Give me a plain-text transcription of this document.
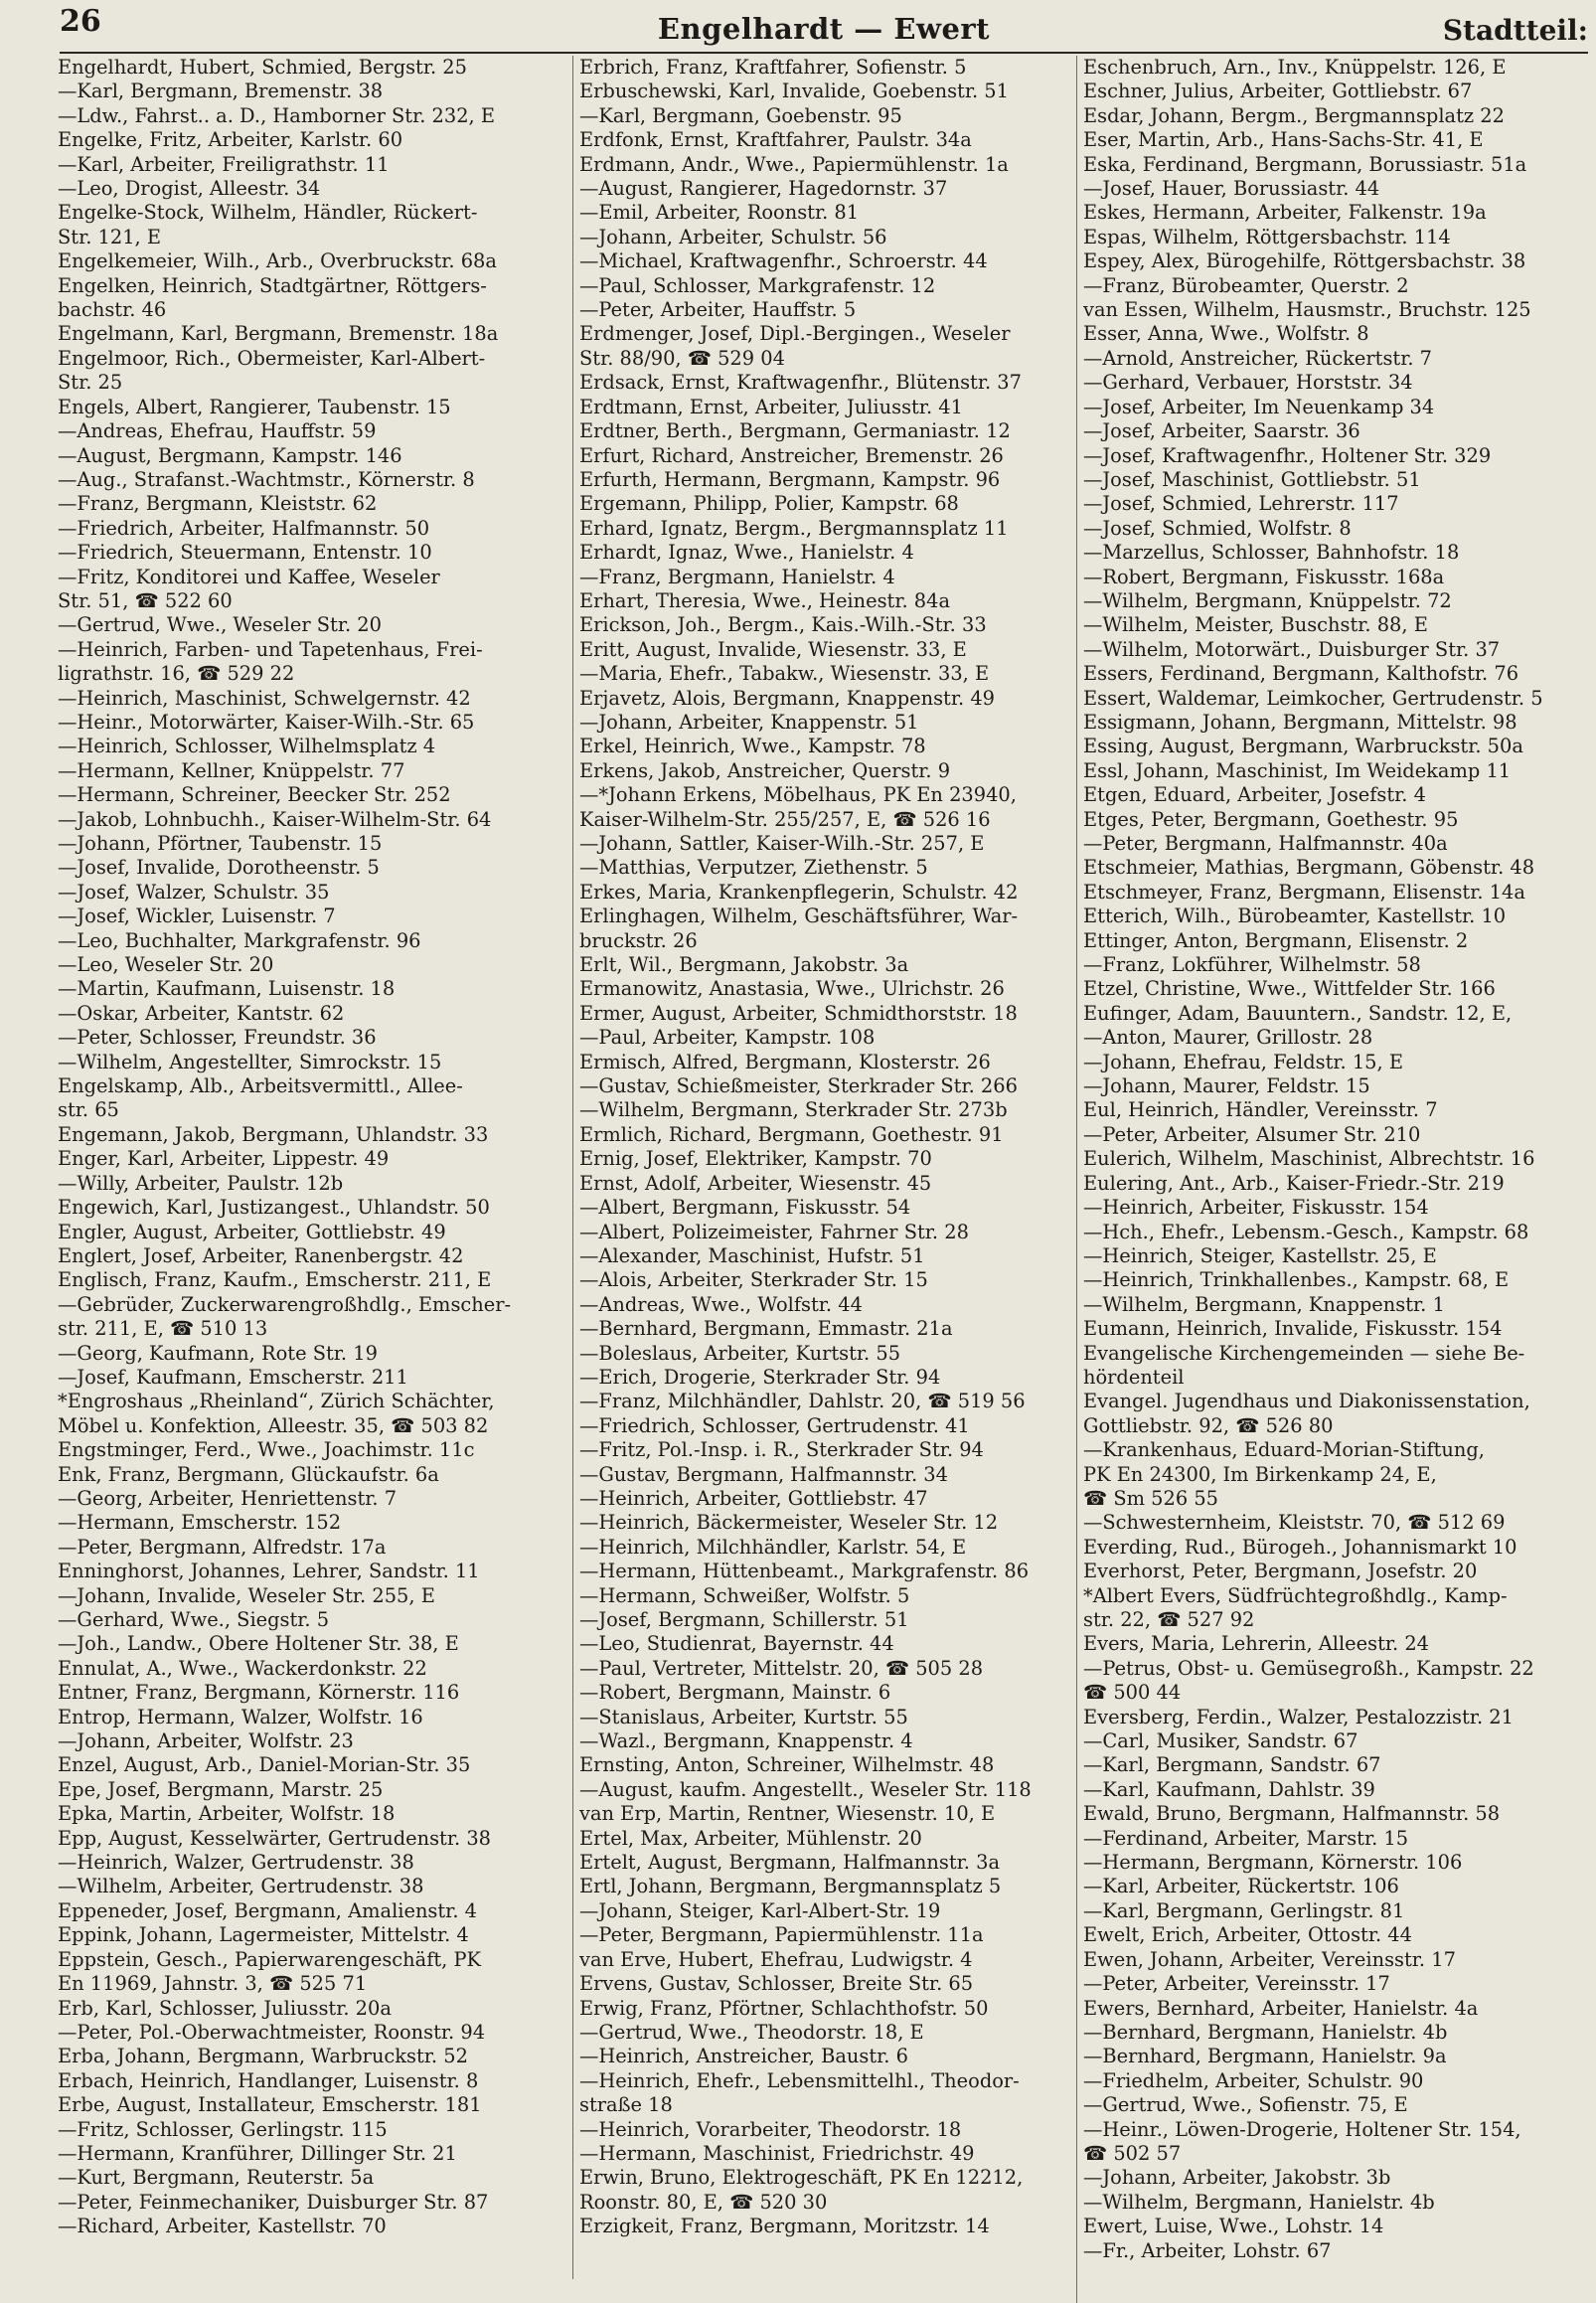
26	Engelhardt — Ewert	Stadtteil:
Engelhardt, Hubert, Schmied, Bergstr. 25
—Karl, Bergmann, Bremenstr. 38
—Ldw., Fahrst.. a. D., Hamborner Str. 232, E
Engelke, Fritz, Arbeiter, Karlstr. 60
—Karl, Arbeiter, Freiligrathstr. 11
—Leo, Drogist, Alleestr. 34
Engelke-Stock, Wilhelm, Händler, Rückert-
Str. 121, E
Engelkemeier, Wilh., Arb., Overbruckstr. 68a
Engelken, Heinrich, Stadtgärtner, Röttgers-
bachstr. 46
Engelmann, Karl, Bergmann, Bremenstr. 18a
Engelmoor, Rich., Obermeister, Karl-Albert-
Str. 25
Engels, Albert, Rangierer, Taubenstr. 15
—Andreas, Ehefrau, Hauffstr. 59
—August, Bergmann, Kampstr. 146
—Aug., Strafanst.-Wachtmstr., Körnerstr. 8
—Franz, Bergmann, Kleiststr. 62
—Friedrich, Arbeiter, Halfmannstr. 50
—Friedrich, Steuermann, Entenstr. 10
—Fritz, Konditorei und Kaffee, Weseler
Str. 51, ☎ 522 60
—Gertrud, Wwe., Weseler Str. 20
—Heinrich, Farben- und Tapetenhaus, Frei-
ligrathstr. 16, ☎ 529 22
—Heinrich, Maschinist, Schwelgernstr. 42
—Heinr., Motorwärter, Kaiser-Wilh.-Str. 65
—Heinrich, Schlosser, Wilhelmsplatz 4
—Hermann, Kellner, Knüppelstr. 77
—Hermann, Schreiner, Beecker Str. 252
—Jakob, Lohnbuchh., Kaiser-Wilhelm-Str. 64
—Johann, Pförtner, Taubenstr. 15
—Josef, Invalide, Dorotheenstr. 5
—Josef, Walzer, Schulstr. 35
—Josef, Wickler, Luisenstr. 7
—Leo, Buchhalter, Markgrafenstr. 96
—Leo, Weseler Str. 20
—Martin, Kaufmann, Luisenstr. 18
—Oskar, Arbeiter, Kantstr. 62
—Peter, Schlosser, Freundstr. 36
—Wilhelm, Angestellter, Simrockstr. 15
Engelskamp, Alb., Arbeitsvermittl., Allee-
str. 65
Engemann, Jakob, Bergmann, Uhlandstr. 33
Enger, Karl, Arbeiter, Lippestr. 49
—Willy, Arbeiter, Paulstr. 12b
Engewich, Karl, Justizangest., Uhlandstr. 50
Engler, August, Arbeiter, Gottliebstr. 49
Englert, Josef, Arbeiter, Ranenbergstr. 42
Englisch, Franz, Kaufm., Emscherstr. 211, E
—Gebrüder, Zuckerwarengroßhdlg., Emscher-
str. 211, E, ☎ 510 13
—Georg, Kaufmann, Rote Str. 19
—Josef, Kaufmann, Emscherstr. 211
*Engroshaus „Rheinland“, Zürich Schächter,
Möbel u. Konfektion, Alleestr. 35, ☎ 503 82
Engstminger, Ferd., Wwe., Joachimstr. 11c
Enk, Franz, Bergmann, Glückaufstr. 6a
—Georg, Arbeiter, Henriettenstr. 7
—Hermann, Emscherstr. 152
—Peter, Bergmann, Alfredstr. 17a
Enninghorst, Johannes, Lehrer, Sandstr. 11
—Johann, Invalide, Weseler Str. 255, E
—Gerhard, Wwe., Siegstr. 5
—Joh., Landw., Obere Holtener Str. 38, E
Ennulat, A., Wwe., Wackerdonkstr. 22
Entner, Franz, Bergmann, Körnerstr. 116
Entrop, Hermann, Walzer, Wolfstr. 16
—Johann, Arbeiter, Wolfstr. 23
Enzel, August, Arb., Daniel-Morian-Str. 35
Epe, Josef, Bergmann, Marstr. 25
Epka, Martin, Arbeiter, Wolfstr. 18
Epp, August, Kesselwärter, Gertrudenstr. 38
—Heinrich, Walzer, Gertrudenstr. 38
—Wilhelm, Arbeiter, Gertrudenstr. 38
Eppeneder, Josef, Bergmann, Amalienstr. 4
Eppink, Johann, Lagermeister, Mittelstr. 4
Eppstein, Gesch., Papierwarengeschäft, PK
En 11969, Jahnstr. 3, ☎ 525 71
Erb, Karl, Schlosser, Juliusstr. 20a
—Peter, Pol.-Oberwachtmeister, Roonstr. 94
Erba, Johann, Bergmann, Warbruckstr. 52
Erbach, Heinrich, Handlanger, Luisenstr. 8
Erbe, August, Installateur, Emscherstr. 181
—Fritz, Schlosser, Gerlingstr. 115
—Hermann, Kranführer, Dillinger Str. 21
—Kurt, Bergmann, Reuterstr. 5a
—Peter, Feinmechaniker, Duisburger Str. 87
—Richard, Arbeiter, Kastellstr. 70
Erbrich, Franz, Kraftfahrer, Sofienstr. 5
Erbuschewski, Karl, Invalide, Goebenstr. 51
—Karl, Bergmann, Goebenstr. 95
Erdfonk, Ernst, Kraftfahrer, Paulstr. 34a
Erdmann, Andr., Wwe., Papiermühlenstr. 1a
—August, Rangierer, Hagedornstr. 37
—Emil, Arbeiter, Roonstr. 81
—Johann, Arbeiter, Schulstr. 56
—Michael, Kraftwagenfhr., Schroerstr. 44
—Paul, Schlosser, Markgrafenstr. 12
—Peter, Arbeiter, Hauffstr. 5
Erdmenger, Josef, Dipl.-Bergingen., Weseler
Str. 88/90, ☎ 529 04
Erdsack, Ernst, Kraftwagenfhr., Blütenstr. 37
Erdtmann, Ernst, Arbeiter, Juliusstr. 41
Erdtner, Berth., Bergmann, Germaniastr. 12
Erfurt, Richard, Anstreicher, Bremenstr. 26
Erfurth, Hermann, Bergmann, Kampstr. 96
Ergemann, Philipp, Polier, Kampstr. 68
Erhard, Ignatz, Bergm., Bergmannsplatz 11
Erhardt, Ignaz, Wwe., Hanielstr. 4
—Franz, Bergmann, Hanielstr. 4
Erhart, Theresia, Wwe., Heinestr. 84a
Erickson, Joh., Bergm., Kais.-Wilh.-Str. 33
Eritt, August, Invalide, Wiesenstr. 33, E
—Maria, Ehefr., Tabakw., Wiesenstr. 33, E
Erjavetz, Alois, Bergmann, Knappenstr. 49
—Johann, Arbeiter, Knappenstr. 51
Erkel, Heinrich, Wwe., Kampstr. 78
Erkens, Jakob, Anstreicher, Querstr. 9
—*Johann Erkens, Möbelhaus, PK En 23940,
Kaiser-Wilhelm-Str. 255/257, E, ☎ 526 16
—Johann, Sattler, Kaiser-Wilh.-Str. 257, E
—Matthias, Verputzer, Ziethenstr. 5
Erkes, Maria, Krankenpflegerin, Schulstr. 42
Erlinghagen, Wilhelm, Geschäftsführer, War-
bruckstr. 26
Erlt, Wil., Bergmann, Jakobstr. 3a
Ermanowitz, Anastasia, Wwe., Ulrichstr. 26
Ermer, August, Arbeiter, Schmidthorststr. 18
—Paul, Arbeiter, Kampstr. 108
Ermisch, Alfred, Bergmann, Klosterstr. 26
—Gustav, Schießmeister, Sterkrader Str. 266
—Wilhelm, Bergmann, Sterkrader Str. 273b
Ermlich, Richard, Bergmann, Goethestr. 91
Ernig, Josef, Elektriker, Kampstr. 70
Ernst, Adolf, Arbeiter, Wiesenstr. 45
—Albert, Bergmann, Fiskusstr. 54
—Albert, Polizeimeister, Fahrner Str. 28
—Alexander, Maschinist, Hufstr. 51
—Alois, Arbeiter, Sterkrader Str. 15
—Andreas, Wwe., Wolfstr. 44
—Bernhard, Bergmann, Emmastr. 21a
—Boleslaus, Arbeiter, Kurtstr. 55
—Erich, Drogerie, Sterkrader Str. 94
—Franz, Milchhändler, Dahlstr. 20, ☎ 519 56
—Friedrich, Schlosser, Gertrudenstr. 41
—Fritz, Pol.-Insp. i. R., Sterkrader Str. 94
—Gustav, Bergmann, Halfmannstr. 34
—Heinrich, Arbeiter, Gottliebstr. 47
—Heinrich, Bäckermeister, Weseler Str. 12
—Heinrich, Milchhändler, Karlstr. 54, E
—Hermann, Hüttenbeamt., Markgrafenstr. 86
—Hermann, Schweißer, Wolfstr. 5
—Josef, Bergmann, Schillerstr. 51
—Leo, Studienrat, Bayernstr. 44
—Paul, Vertreter, Mittelstr. 20, ☎ 505 28
—Robert, Bergmann, Mainstr. 6
—Stanislaus, Arbeiter, Kurtstr. 55
—Wazl., Bergmann, Knappenstr. 4
Ernsting, Anton, Schreiner, Wilhelmstr. 48
—August, kaufm. Angestellt., Weseler Str. 118
van Erp, Martin, Rentner, Wiesenstr. 10, E
Ertel, Max, Arbeiter, Mühlenstr. 20
Ertelt, August, Bergmann, Halfmannstr. 3a
Ertl, Johann, Bergmann, Bergmannsplatz 5
—Johann, Steiger, Karl-Albert-Str. 19
—Peter, Bergmann, Papiermühlenstr. 11a
van Erve, Hubert, Ehefrau, Ludwigstr. 4
Ervens, Gustav, Schlosser, Breite Str. 65
Erwig, Franz, Pförtner, Schlachthofstr. 50
—Gertrud, Wwe., Theodorstr. 18, E
—Heinrich, Anstreicher, Baustr. 6
—Heinrich, Ehefr., Lebensmittelhl., Theodor-
straße 18
—Heinrich, Vorarbeiter, Theodorstr. 18
—Hermann, Maschinist, Friedrichstr. 49
Erwin, Bruno, Elektrogeschäft, PK En 12212,
Roonstr. 80, E, ☎ 520 30
Erzigkeit, Franz, Bergmann, Moritzstr. 14
Eschenbruch, Arn., Inv., Knüppelstr. 126, E
Eschner, Julius, Arbeiter, Gottliebstr. 67
Esdar, Johann, Bergm., Bergmannsplatz 22
Eser, Martin, Arb., Hans-Sachs-Str. 41, E
Eska, Ferdinand, Bergmann, Borussiastr. 51a
—Josef, Hauer, Borussiastr. 44
Eskes, Hermann, Arbeiter, Falkenstr. 19a
Espas, Wilhelm, Röttgersbachstr. 114
Espey, Alex, Bürogehilfe, Röttgersbachstr. 38
—Franz, Bürobeamter, Querstr. 2
van Essen, Wilhelm, Hausmstr., Bruchstr. 125
Esser, Anna, Wwe., Wolfstr. 8
—Arnold, Anstreicher, Rückertstr. 7
—Gerhard, Verbauer, Horststr. 34
—Josef, Arbeiter, Im Neuenkamp 34
—Josef, Arbeiter, Saarstr. 36
—Josef, Kraftwagenfhr., Holtener Str. 329
—Josef, Maschinist, Gottliebstr. 51
—Josef, Schmied, Lehrerstr. 117
—Josef, Schmied, Wolfstr. 8
—Marzellus, Schlosser, Bahnhofstr. 18
—Robert, Bergmann, Fiskusstr. 168a
—Wilhelm, Bergmann, Knüppelstr. 72
—Wilhelm, Meister, Buschstr. 88, E
—Wilhelm, Motorwärt., Duisburger Str. 37
Essers, Ferdinand, Bergmann, Kalthofstr. 76
Essert, Waldemar, Leimkocher, Gertrudenstr. 5
Essigmann, Johann, Bergmann, Mittelstr. 98
Essing, August, Bergmann, Warbruckstr. 50a
Essl, Johann, Maschinist, Im Weidekamp 11
Etgen, Eduard, Arbeiter, Josefstr. 4
Etges, Peter, Bergmann, Goethestr. 95
—Peter, Bergmann, Halfmannstr. 40a
Etschmeier, Mathias, Bergmann, Göbenstr. 48
Etschmeyer, Franz, Bergmann, Elisenstr. 14a
Etterich, Wilh., Bürobeamter, Kastellstr. 10
Ettinger, Anton, Bergmann, Elisenstr. 2
—Franz, Lokführer, Wilhelmstr. 58
Etzel, Christine, Wwe., Wittfelder Str. 166
Eufinger, Adam, Bauuntern., Sandstr. 12, E,
—Anton, Maurer, Grillostr. 28
—Johann, Ehefrau, Feldstr. 15, E
—Johann, Maurer, Feldstr. 15
Eul, Heinrich, Händler, Vereinsstr. 7
—Peter, Arbeiter, Alsumer Str. 210
Eulerich, Wilhelm, Maschinist, Albrechtstr. 16
Eulering, Ant., Arb., Kaiser-Friedr.-Str. 219
—Heinrich, Arbeiter, Fiskusstr. 154
—Hch., Ehefr., Lebensm.-Gesch., Kampstr. 68
—Heinrich, Steiger, Kastellstr. 25, E
—Heinrich, Trinkhallenbes., Kampstr. 68, E
—Wilhelm, Bergmann, Knappenstr. 1
Eumann, Heinrich, Invalide, Fiskusstr. 154
Evangelische Kirchengemeinden — siehe Be-
hördenteil
Evangel. Jugendhaus und Diakonissenstation,
Gottliebstr. 92, ☎ 526 80
—Krankenhaus, Eduard-Morian-Stiftung,
PK En 24300, Im Birkenkamp 24, E,
☎ Sm 526 55
—Schwesternheim, Kleiststr. 70, ☎ 512 69
Everding, Rud., Bürogeh., Johannismarkt 10
Everhorst, Peter, Bergmann, Josefstr. 20
*Albert Evers, Südfrüchtegroßhdlg., Kamp-
str. 22, ☎ 527 92
Evers, Maria, Lehrerin, Alleestr. 24
—Petrus, Obst- u. Gemüsegroßh., Kampstr. 22
☎ 500 44
Eversberg, Ferdin., Walzer, Pestalozzistr. 21
—Carl, Musiker, Sandstr. 67
—Karl, Bergmann, Sandstr. 67
—Karl, Kaufmann, Dahlstr. 39
Ewald, Bruno, Bergmann, Halfmannstr. 58
—Ferdinand, Arbeiter, Marstr. 15
—Hermann, Bergmann, Körnerstr. 106
—Karl, Arbeiter, Rückertstr. 106
—Karl, Bergmann, Gerlingstr. 81
Ewelt, Erich, Arbeiter, Ottostr. 44
Ewen, Johann, Arbeiter, Vereinsstr. 17
—Peter, Arbeiter, Vereinsstr. 17
Ewers, Bernhard, Arbeiter, Hanielstr. 4a
—Bernhard, Bergmann, Hanielstr. 4b
—Bernhard, Bergmann, Hanielstr. 9a
—Friedhelm, Arbeiter, Schulstr. 90
—Gertrud, Wwe., Sofienstr. 75, E
—Heinr., Löwen-Drogerie, Holtener Str. 154,
☎ 502 57
—Johann, Arbeiter, Jakobstr. 3b
—Wilhelm, Bergmann, Hanielstr. 4b
Ewert, Luise, Wwe., Lohstr. 14
—Fr., Arbeiter, Lohstr. 67
